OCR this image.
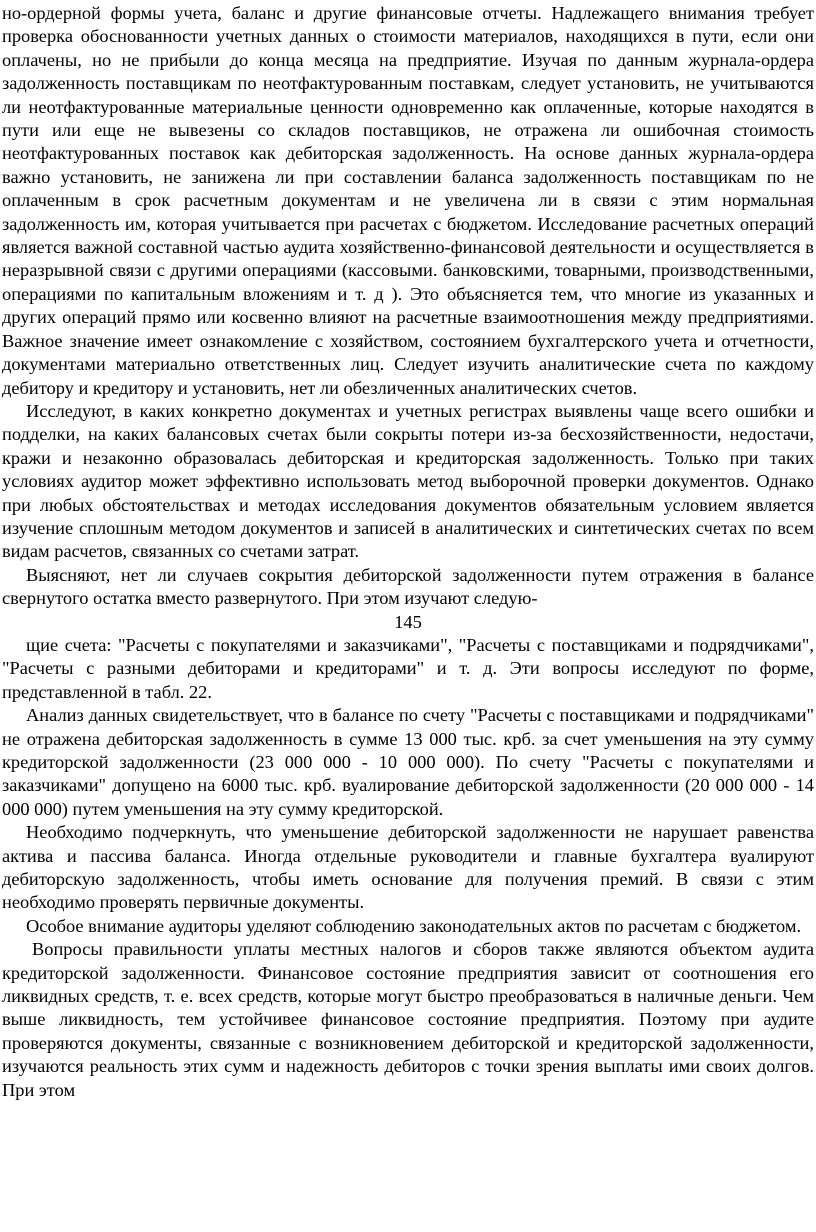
но-ордерной формы учета, баланс и другие финансовые отчеты. Надлежащего внимания требует проверка обоснованности учетных данных о стоимости материалов, находящихся в пути, если они оплачены, но не прибыли до конца месяца на предприятие. Изучая по данным журнала-ордера задолженность поставщикам по неотфактурованным поставкам, следует установить, не учитываются ли неотфактурованные материальные ценности одновременно как оплаченные, которые находятся в пути или еще не вывезены со складов поставщиков, не отражена ли ошибочная стоимость неотфактурованных поставок как дебиторская задолженность. На основе данных журнала-ордера важно установить, не занижена ли при составлении баланса задолженность поставщикам по не оплаченным в срок расчетным документам и не увеличена ли в связи с этим нормальная задолженность им, которая учитывается при расчетах с бюджетом. Исследование расчетных операций является важной составной частью аудита хозяйственно-финансовой деятельности и осуществляется в неразрывной связи с другими операциями (кассовыми. банковскими, товарными, производственными, операциями по капитальным вложениям и т. д ). Это объясняется тем, что многие из указанных и других операций прямо или косвенно влияют на расчетные взаимоотношения между предприятиями. Важное значение имеет ознакомление с хозяйством, состоянием бухгалтерского учета и отчетности, документами материально ответственных лиц. Следует изучить аналитические счета по каждому дебитору и кредитору и установить, нет ли обезличенных аналитических счетов.

Исследуют, в каких конкретно документах и учетных регистрах выявлены чаще всего ошибки и подделки, на каких балансовых счетах были сокрыты потери из-за бесхозяйственности, недостачи, кражи и незаконно образовалась дебиторская и кредиторская задолженность. Только при таких условиях аудитор может эффективно использовать метод выборочной проверки документов. Однако при любых обстоятельствах и методах исследования документов обязательным условием является изучение сплошным методом документов и записей в аналитических и синтетических счетах по всем видам расчетов, связанных со счетами затрат.

Выясняют, нет ли случаев сокрытия дебиторской задолженности путем отражения в балансе свернутого остатка вместо развернутого. При этом изучают следую-

145

щие счета: "Расчеты с покупателями и заказчиками", "Расчеты с поставщиками и подрядчиками", "Расчеты с разными дебиторами и кредиторами" и т. д. Эти вопросы исследуют по форме, представленной в табл. 22.

Анализ данных свидетельствует, что в балансе по счету "Расчеты с поставщиками и подрядчиками" не отражена дебиторская задолженность в сумме 13 000 тыс. крб. за счет уменьшения на эту сумму кредиторской задолженности (23 000 000 - 10 000 000). По счету "Расчеты с покупателями и заказчиками" допущено на 6000 тыс. крб. вуалирование дебиторской задолженности (20 000 000 - 14 000 000) путем уменьшения на эту сумму кредиторской.

Необходимо подчеркнуть, что уменьшение дебиторской задолженности не нарушает равенства актива и пассива баланса. Иногда отдельные руководители и главные бухгалтера вуалируют дебиторскую задолженность, чтобы иметь основание для получения премий. В связи с этим необходимо проверять первичные документы.

Особое внимание аудиторы уделяют соблюдению законодательных актов по расчетам с бюджетом.

Вопросы правильности уплаты местных налогов и сборов также являются объектом аудита кредиторской задолженности. Финансовое состояние предприятия зависит от соотношения его ликвидных средств, т. е. всех средств, которые могут быстро преобразоваться в наличные деньги. Чем выше ликвидность, тем устойчивее финансовое состояние предприятия. Поэтому при аудите проверяются документы, связанные с возникновением дебиторской и кредиторской задолженности, изучаются реальность этих сумм и надежность дебиторов с точки зрения выплаты ими своих долгов. При этом
